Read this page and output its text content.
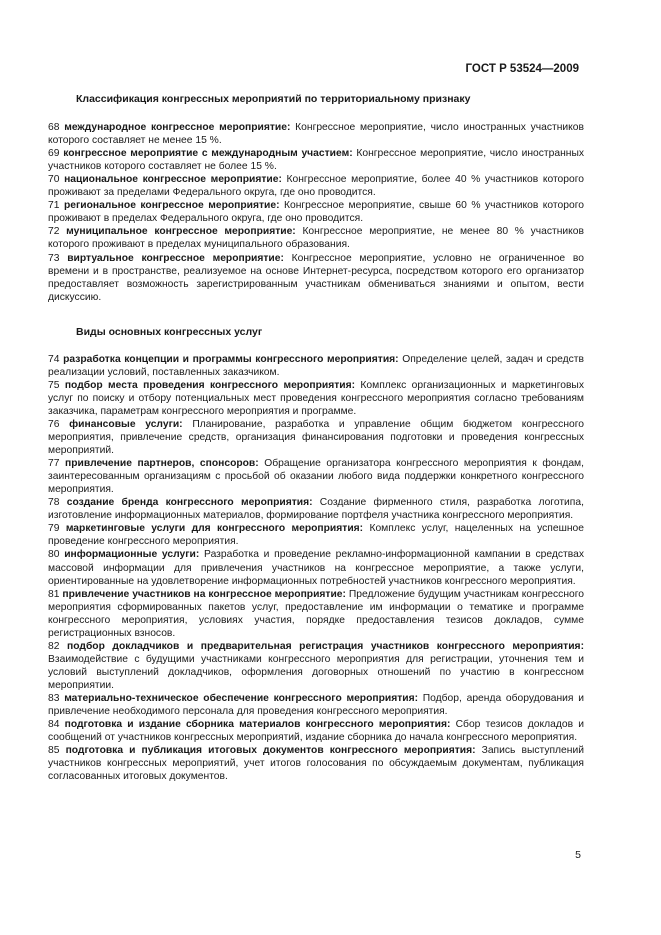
ГОСТ Р 53524—2009

Классификация конгрессных мероприятий по территориальному признаку

68 международное конгрессное мероприятие: Конгрессное мероприятие, число иностранных участников которого составляет не менее 15 %.

69 конгрессное мероприятие с международным участием: Конгрессное мероприятие, число иностранных участников которого составляет не более 15 %.

70 национальное конгрессное мероприятие: Конгрессное мероприятие, более 40 % участников которого проживают за пределами Федерального округа, где оно проводится.

71 региональное конгрессное мероприятие: Конгрессное мероприятие, свыше 60 % участников которого проживают в пределах Федерального округа, где оно проводится.

72 муниципальное конгрессное мероприятие: Конгрессное мероприятие, не менее 80 % участников которого проживают в пределах муниципального образования.

73 виртуальное конгрессное мероприятие: Конгрессное мероприятие, условно не ограниченное во времени и в пространстве, реализуемое на основе Интернет-ресурса, посредством которого его организатор предоставляет возможность зарегистрированным участникам обмениваться знаниями и опытом, вести дискуссию.

Виды основных конгрессных услуг

74 разработка концепции и программы конгрессного мероприятия: Определение целей, задач и средств реализации условий, поставленных заказчиком.

75 подбор места проведения конгрессного мероприятия: Комплекс организационных и маркетинговых услуг по поиску и отбору потенциальных мест проведения конгрессного мероприятия согласно требованиям заказчика, параметрам конгрессного мероприятия и программе.

76 финансовые услуги: Планирование, разработка и управление общим бюджетом конгрессного мероприятия, привлечение средств, организация финансирования подготовки и проведения конгрессных мероприятий.

77 привлечение партнеров, спонсоров: Обращение организатора конгрессного мероприятия к фондам, заинтересованным организациям с просьбой об оказании любого вида поддержки конкретного конгрессного мероприятия.

78 создание бренда конгрессного мероприятия: Создание фирменного стиля, разработка логотипа, изготовление информационных материалов, формирование портфеля участника конгрессного мероприятия.

79 маркетинговые услуги для конгрессного мероприятия: Комплекс услуг, нацеленных на успешное проведение конгрессного мероприятия.

80 информационные услуги: Разработка и проведение рекламно-информационной кампании в средствах массовой информации для привлечения участников на конгрессное мероприятие, а также услуги, ориентированные на удовлетворение информационных потребностей участников конгрессного мероприятия.

81 привлечение участников на конгрессное мероприятие: Предложение будущим участникам конгрессного мероприятия сформированных пакетов услуг, предоставление им информации о тематике и программе конгрессного мероприятия, условиях участия, порядке предоставления тезисов докладов, сумме регистрационных взносов.

82 подбор докладчиков и предварительная регистрация участников конгрессного мероприятия: Взаимодействие с будущими участниками конгрессного мероприятия для регистрации, уточнения тем и условий выступлений докладчиков, оформления договорных отношений по участию в конгрессном мероприятии.

83 материально-техническое обеспечение конгрессного мероприятия: Подбор, аренда оборудования и привлечение необходимого персонала для проведения конгрессного мероприятия.

84 подготовка и издание сборника материалов конгрессного мероприятия: Сбор тезисов докладов и сообщений от участников конгрессных мероприятий, издание сборника до начала конгрессного мероприятия.

85 подготовка и публикация итоговых документов конгрессного мероприятия: Запись выступлений участников конгрессных мероприятий, учет итогов голосования по обсуждаемым документам, публикация согласованных итоговых документов.

5
